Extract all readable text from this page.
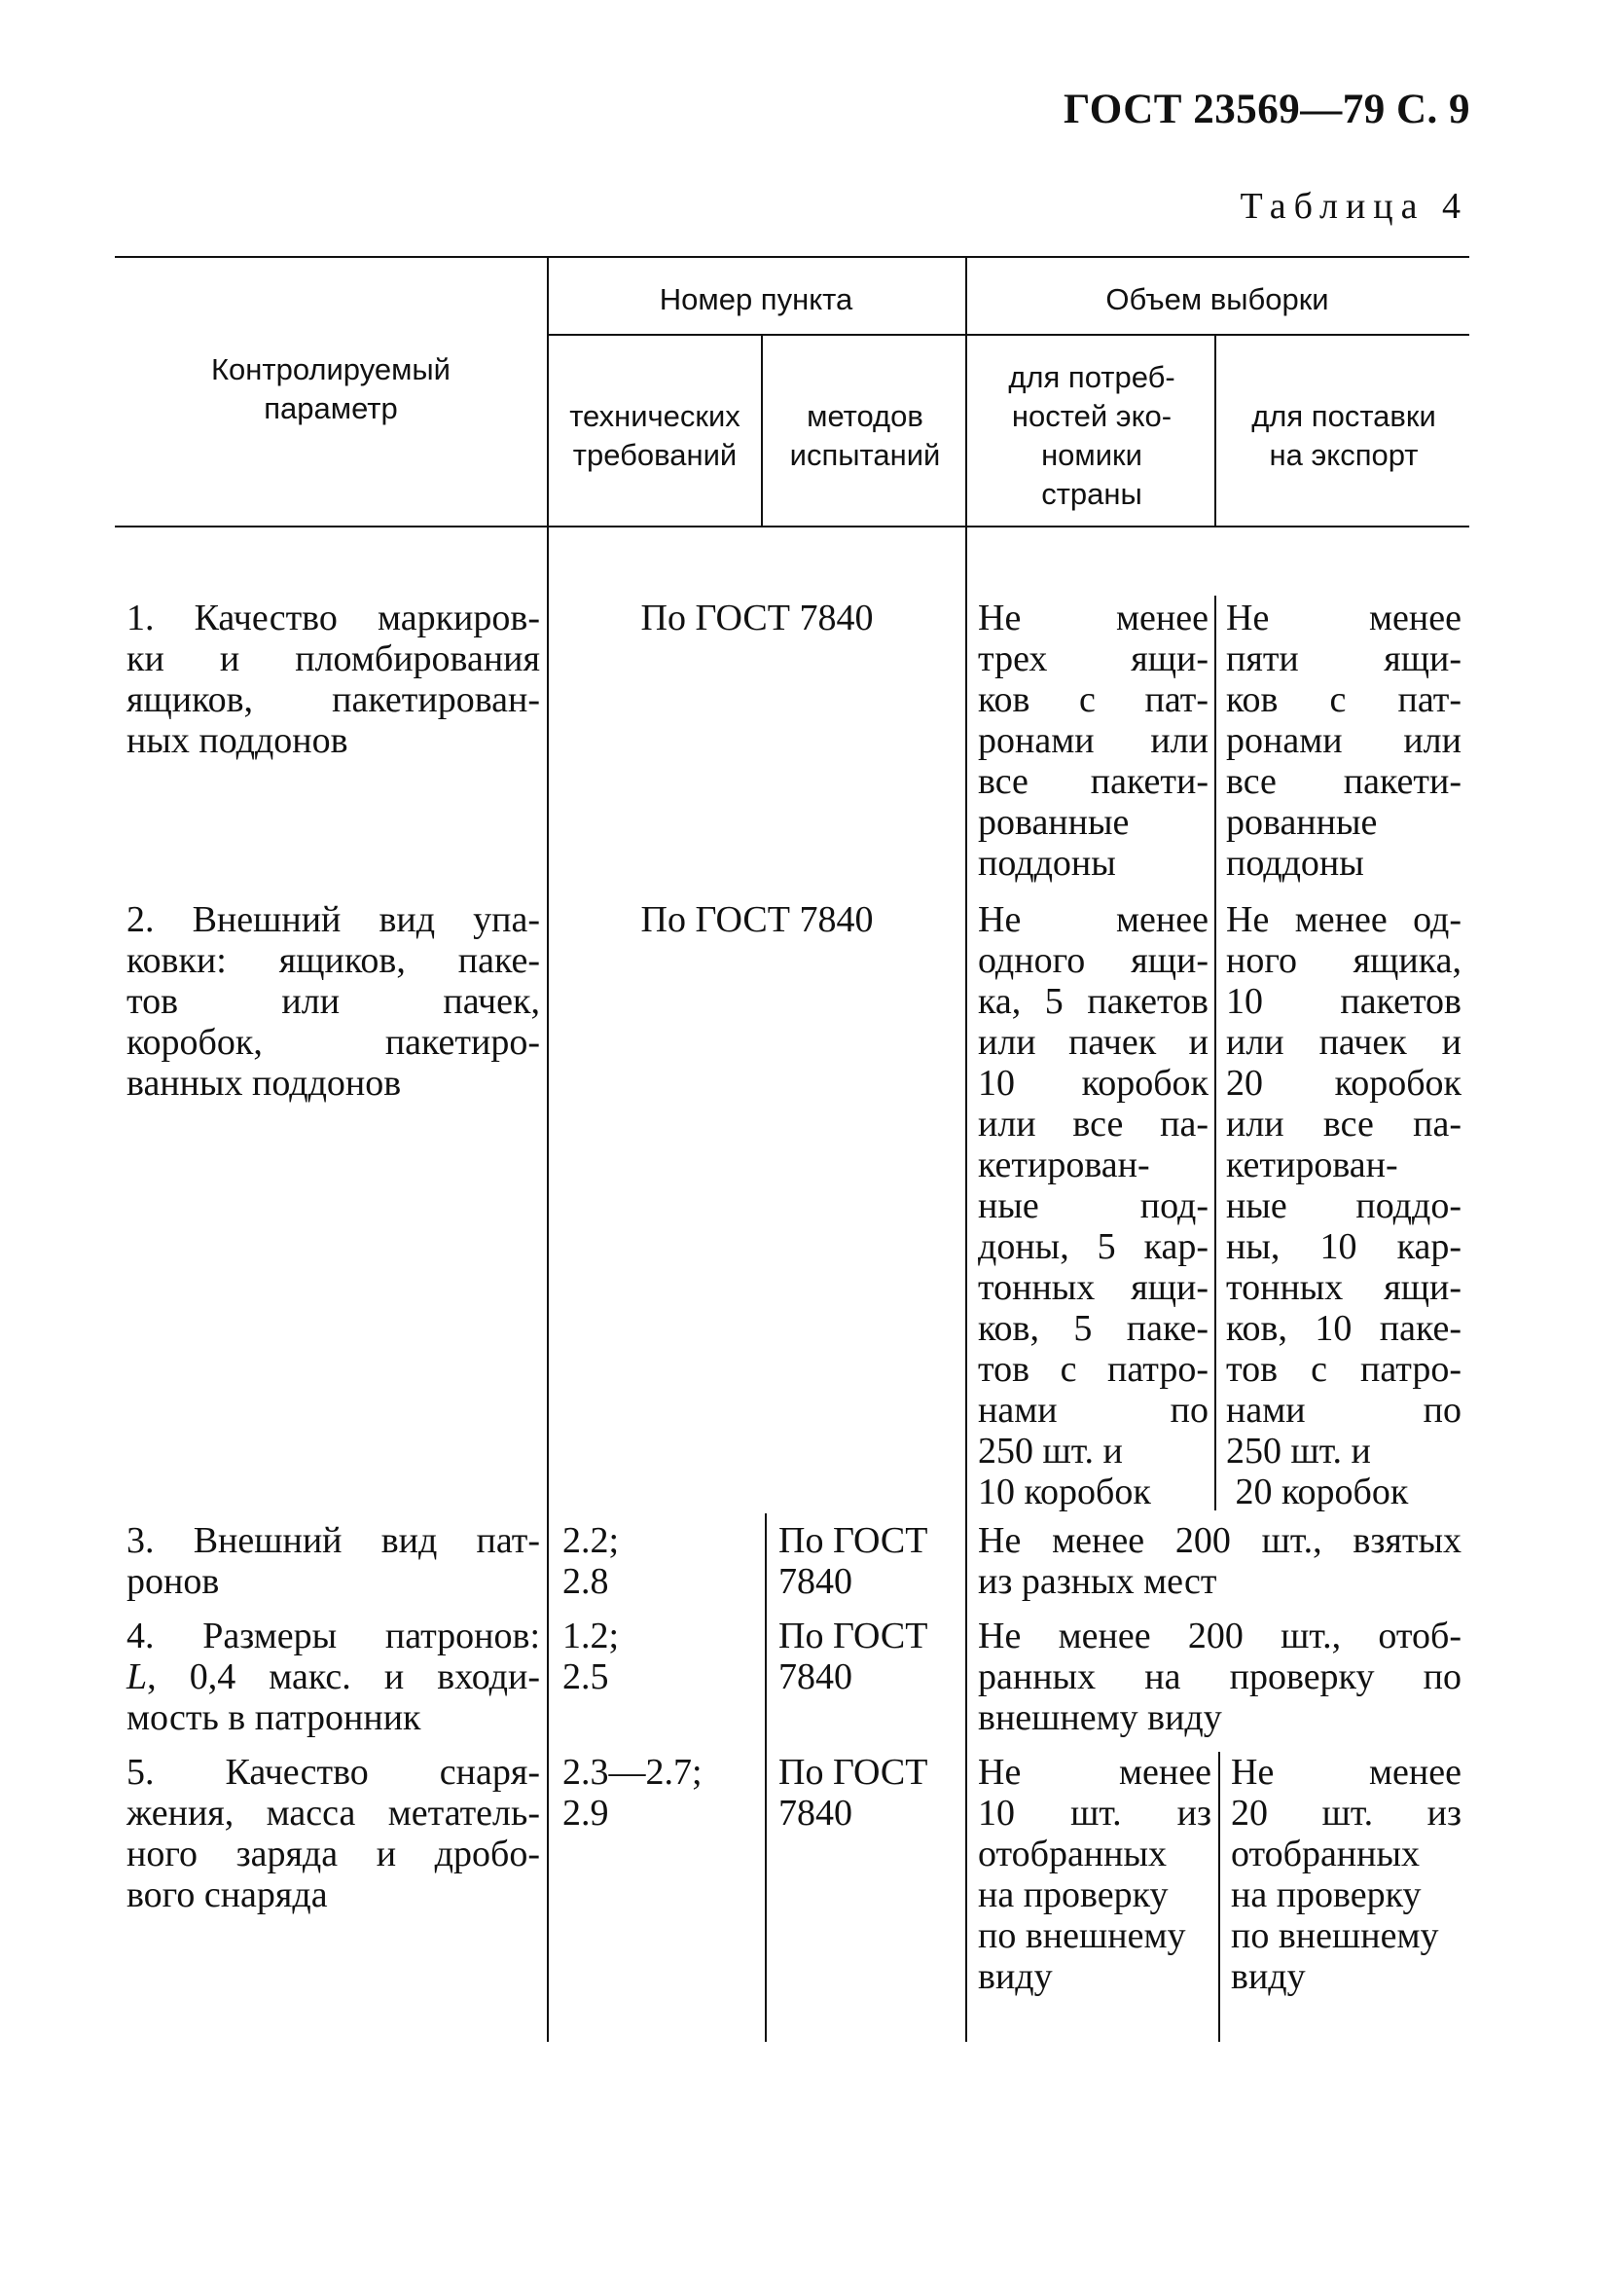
ГОСТ 23569—79 С. 9
Таблица 4
Контролируемый параметр
Номер пункта
технических требований
методов испытаний
Объем выборки
для потреб-
ностей эко-
номики
страны
для поставки
на экспорт
1. Качество маркиров-
ки и пломбирования
ящиков, пакетирован-
ных поддонов
По ГОСТ 7840	Не менее
трех ящи-
ков с пат-
ронами или
все пакети-
рованные
поддоны
Не менее
пяти ящи-
ков с пат-
ронами или
все пакети-
рованные
поддоны
2. Внешний вид упа-
ковки: ящиков, паке-
тов или пачек,
коробок, пакетиро-
ванных поддонов
По ГОСТ 7840	Не менее
одного ящи-
ка, 5 пакетов
или пачек и
10 коробок
или все па-
кетирован-
ные под-
доны, 5 кар-
тонных ящи-
ков, 5 паке-
тов с патро-
нами по
250 шт. и
10 коробок
Не менее од-
ного ящика,
10 пакетов
или пачек и
20 коробок
или все па-
кетирован-
ные поддо-
ны, 10 кар-
тонных ящи-
ков, 10 паке-
тов с патро-
нами по
250 шт. и
20 коробок
3. Внешний вид пат-
ронов
2.2;
2.8
По ГОСТ
7840
Не менее 200 шт., взятых
из разных мест
4. Размеры патронов:
L, 0,4 макс. и входи-
мость в патронник
1.2;
2.5
По ГОСТ
7840
Не менее 200 шт., отоб-
ранных на проверку по
внешнему виду
5. Качество снаря-
жения, масса метатель-
ного заряда и дробо-
вого снаряда
2.3—2.7;
2.9
По ГОСТ
7840
Не менее
10 шт. из
отобранных
на проверку
по внешнему
виду
Не менее
20 шт. из
отобранных
на проверку
по внешнему
виду
